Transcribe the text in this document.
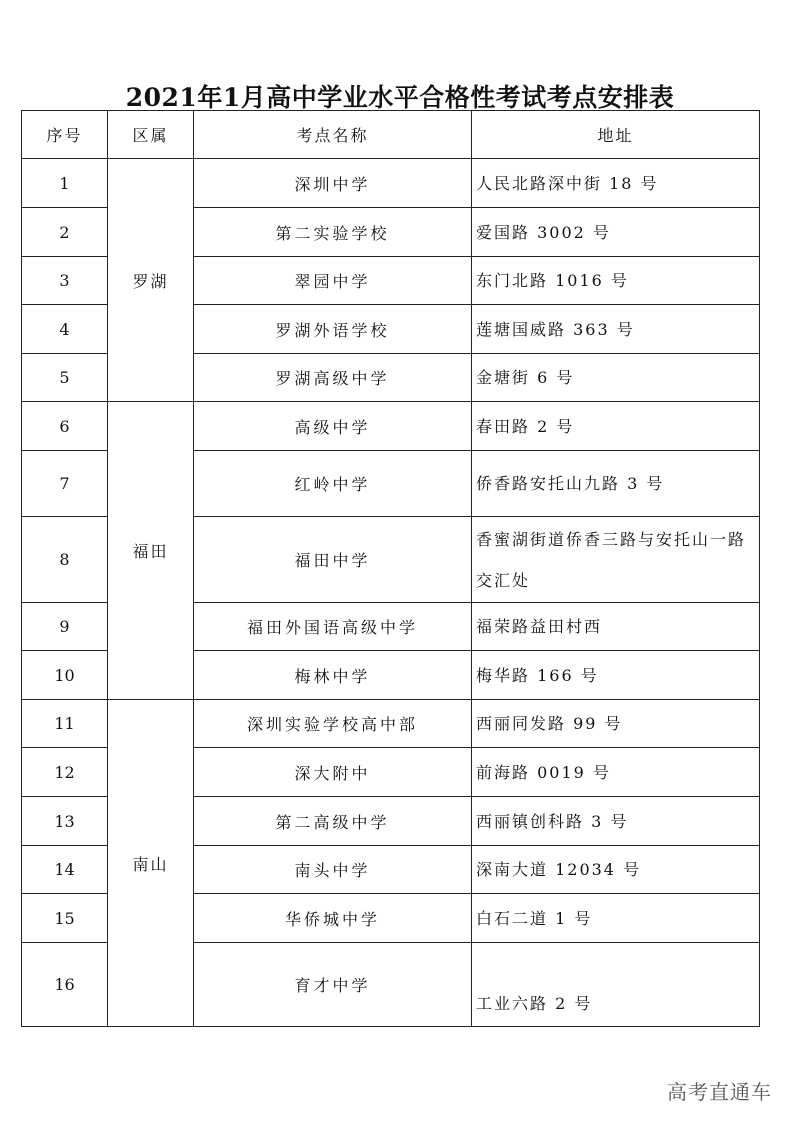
2021年1月高中学业水平合格性考试考点安排表
序号	区属	考点名称	地址
1	罗湖	深圳中学	人民北路深中街 18 号
2		第二实验学校	爱国路 3002 号
3		翠园中学	东门北路 1016 号
4		罗湖外语学校	莲塘国威路 363 号
5		罗湖高级中学	金塘街 6 号
6	福田	高级中学	春田路 2 号
7		红岭中学	侨香路安托山九路 3 号
8		福田中学	香蜜湖街道侨香三路与安托山一路交汇处
9		福田外国语高级中学	福荣路益田村西
10		梅林中学	梅华路 166 号
11	南山	深圳实验学校高中部	西丽同发路 99 号
12		深大附中	前海路 0019 号
13		第二高级中学	西丽镇创科路 3 号
14		南头中学	深南大道 12034 号
15		华侨城中学	白石二道 1 号
16		育才中学	工业六路 2 号
高考直通车
